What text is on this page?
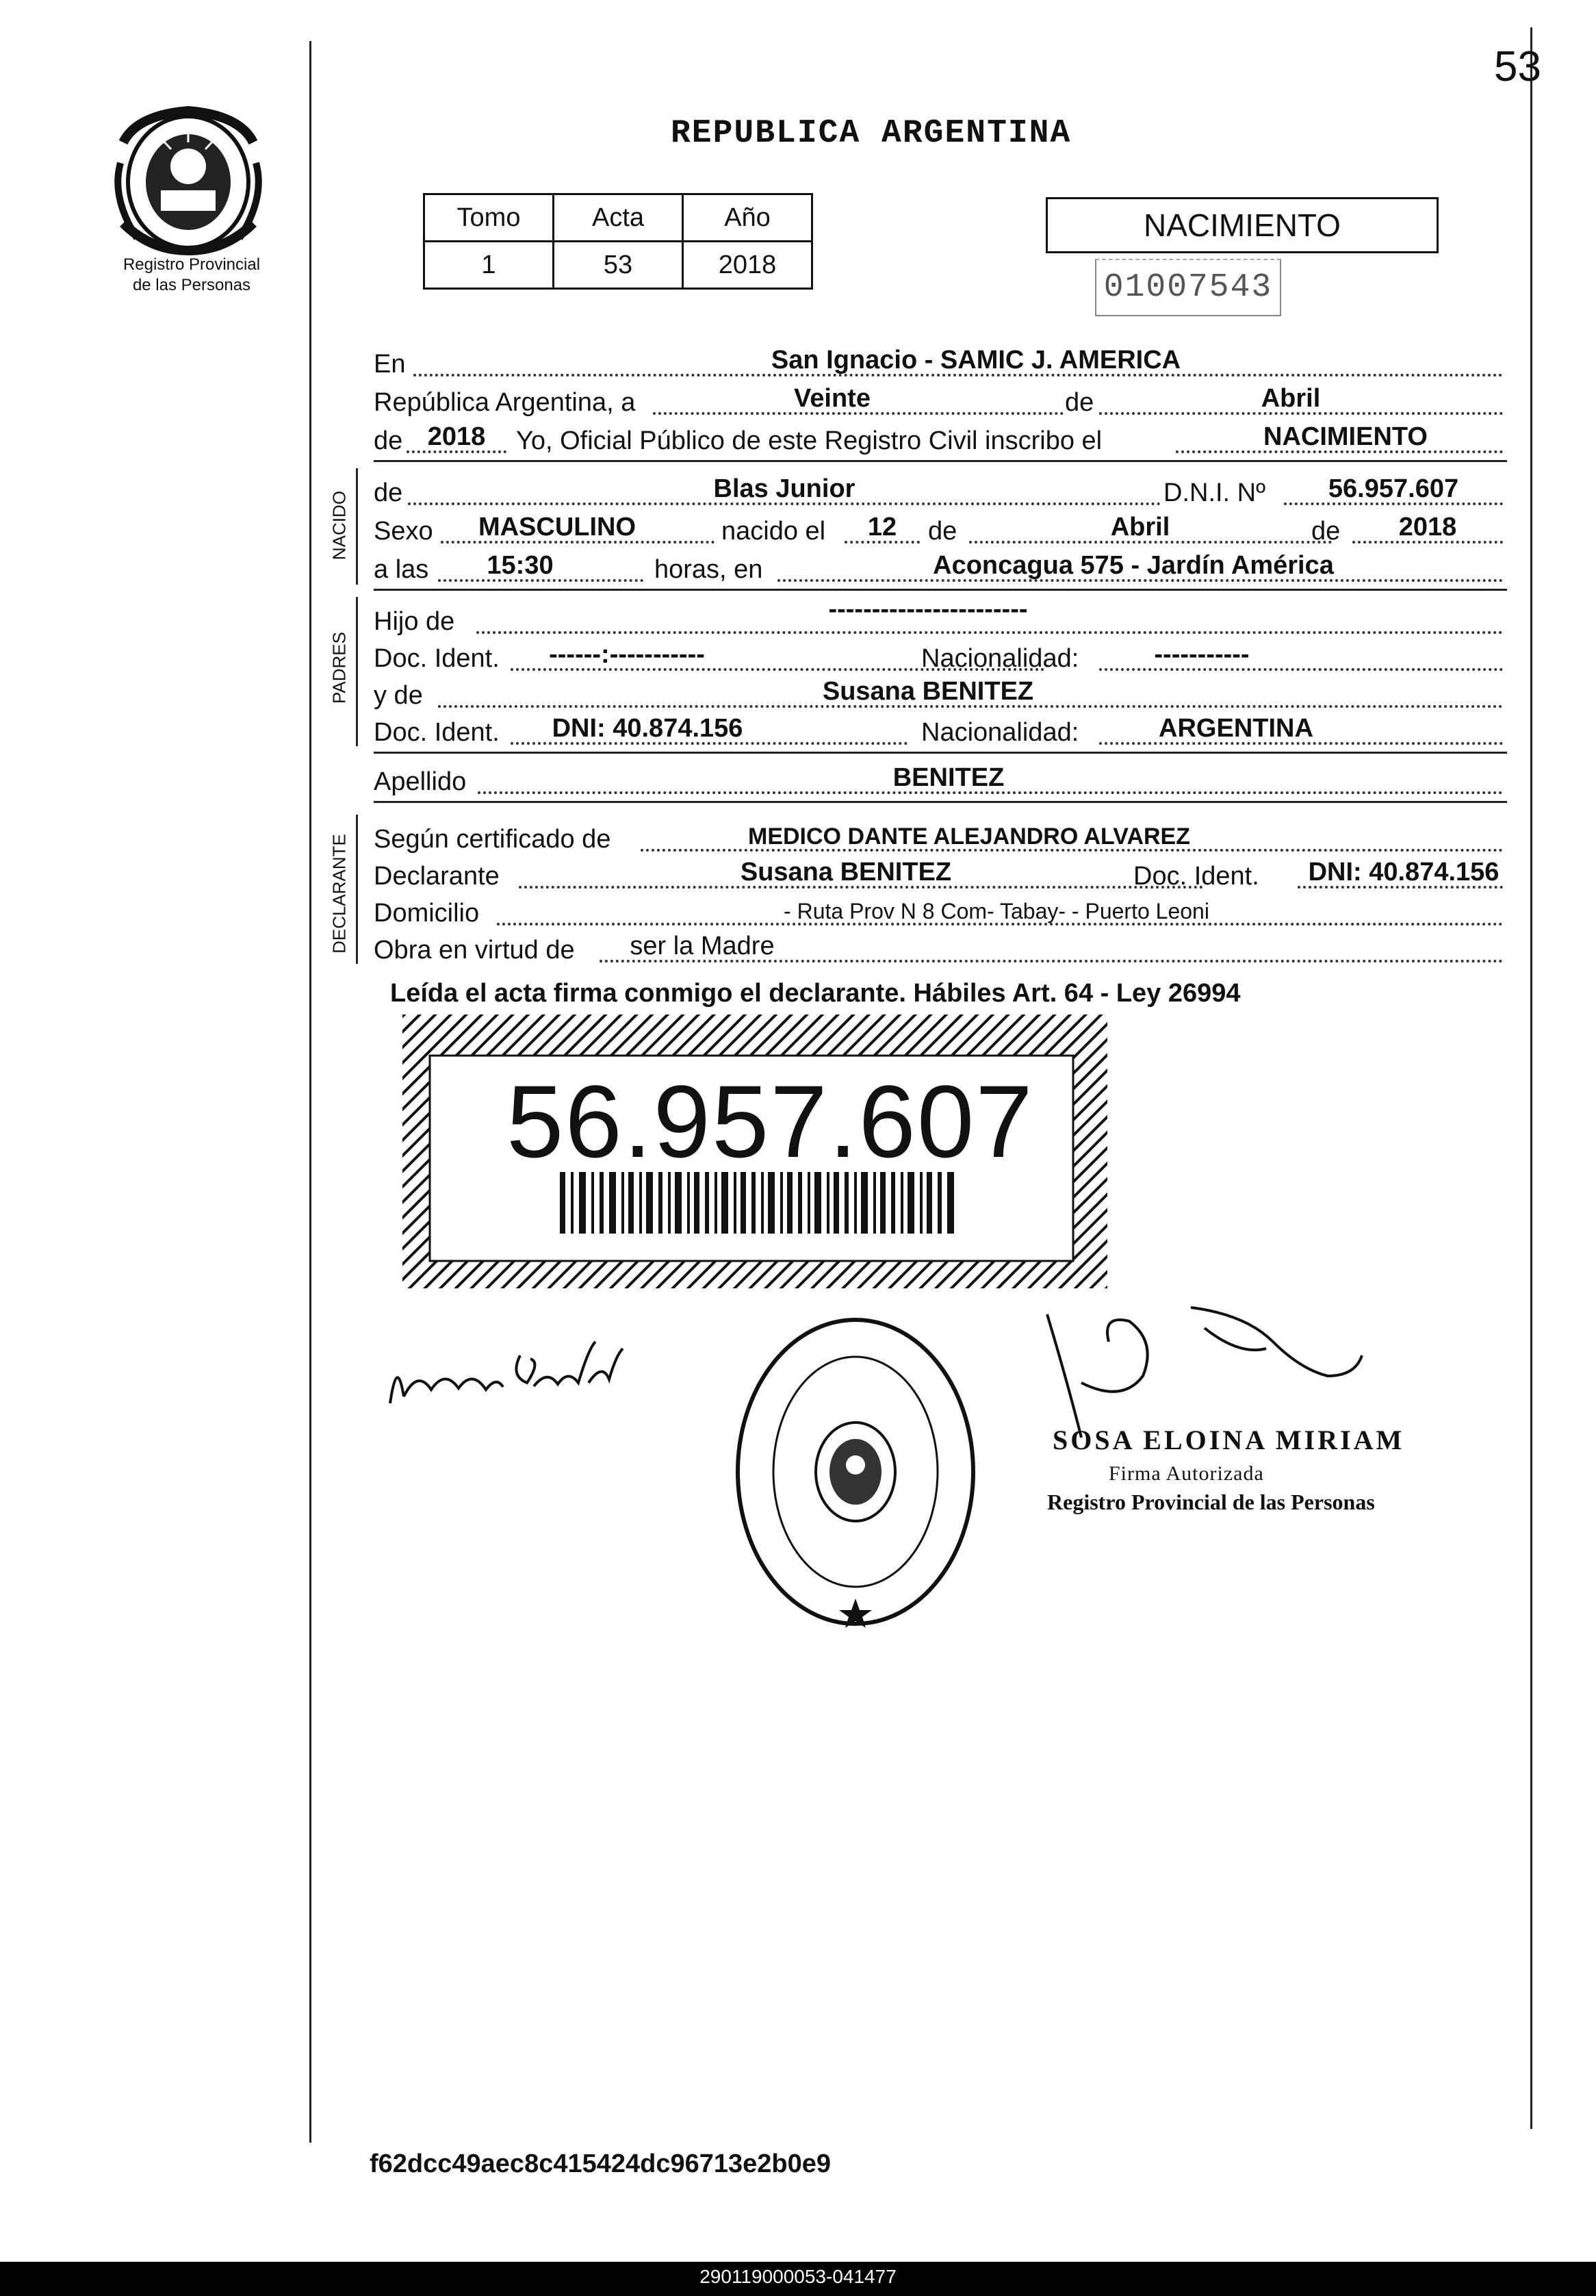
Registro Provincial
de las Personas
53
REPUBLICA ARGENTINA
Tomo	Acta	Año
1	53	2018
NACIMIENTO
01007543
En	San Ignacio - SAMIC J. AMERICA
República Argentina, a	Veinte	de	Abril
de 2018	Yo, Oficial Público de este Registro Civil inscribo el	NACIMIENTO
NACIDO de	Blas Junior	D.N.I. Nº	56.957.607
Sexo	MASCULINO	nacido el	12	de	Abril	de	2018
a las	15:30	horas, en	Aconcagua 575 - Jardín América
PADRES
Hijo de	-----------------------
Doc. Ident.	------:-----------	Nacionalidad:	-----------
y de	Susana BENITEZ
Doc. Ident.	DNI: 40.874.156	Nacionalidad:	ARGENTINA
Apellido	BENITEZ
DECLARANTE Según certificado de	MEDICO DANTE ALEJANDRO ALVAREZ
Declarante	Susana BENITEZ	Doc. Ident.	DNI: 40.874.156
Domicilio	- Ruta Prov N 8 Com- Tabay- - Puerto Leoni
Obra en virtud de	ser la Madre
Leída el acta firma conmigo el declarante. Hábiles Art. 64 - Ley 26994
56.957.607
SOSA ELOINA MIRIAM
Firma Autorizada
Registro Provincial de las Personas
f62dcc49aec8c415424dc96713e2b0e9
290119000053-041477
